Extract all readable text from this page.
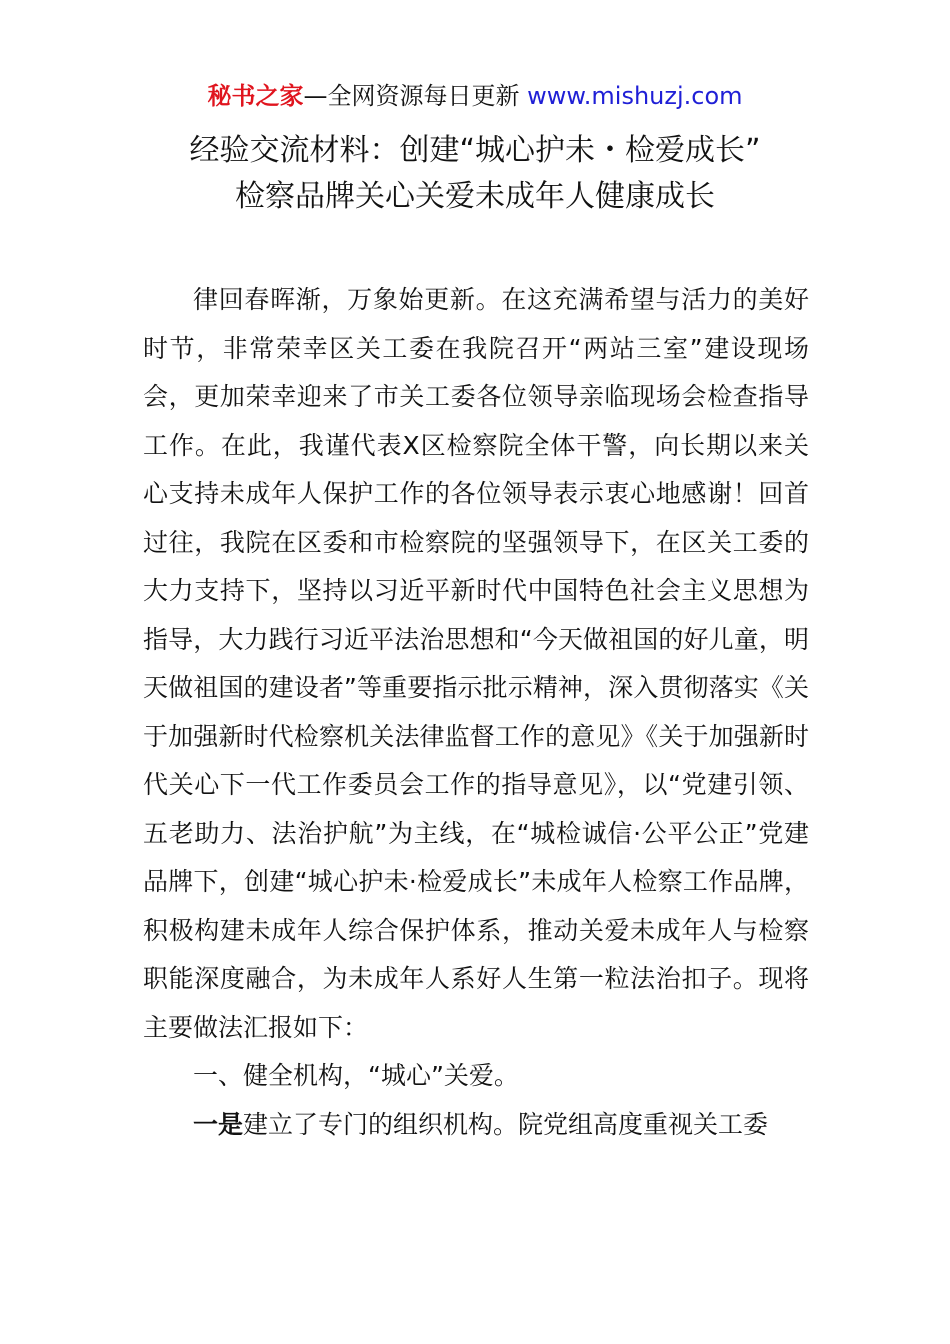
秘书之家—全网资源每日更新 www.mishuzj.com
经验交流材料：创建“城心护未・检爱成长”
检察品牌关心关爱未成年人健康成长

律回春晖渐，万象始更新。在这充满希望与活力的美好时节，非常荣幸区关工委在我院召开“两站三室”建设现场会，更加荣幸迎来了市关工委各位领导亲临现场会检查指导工作。在此，我谨代表X区检察院全体干警，向长期以来关心支持未成年人保护工作的各位领导表示衷心地感谢！回首过往，我院在区委和市检察院的坚强领导下，在区关工委的大力支持下，坚持以习近平新时代中国特色社会主义思想为指导，大力践行习近平法治思想和“今天做祖国的好儿童，明天做祖国的建设者”等重要指示批示精神，深入贯彻落实《关于加强新时代检察机关法律监督工作的意见》《关于加强新时代关心下一代工作委员会工作的指导意见》，以“党建引领、五老助力、法治护航”为主线，在“城检诚信·公平公正”党建品牌下，创建“城心护未·检爱成长”未成年人检察工作品牌，积极构建未成年人综合保护体系，推动关爱未成年人与检察职能深度融合，为未成年人系好人生第一粒法治扣子。现将主要做法汇报如下：

一、健全机构，“城心”关爱。

一是建立了专门的组织机构。院党组高度重视关工委
